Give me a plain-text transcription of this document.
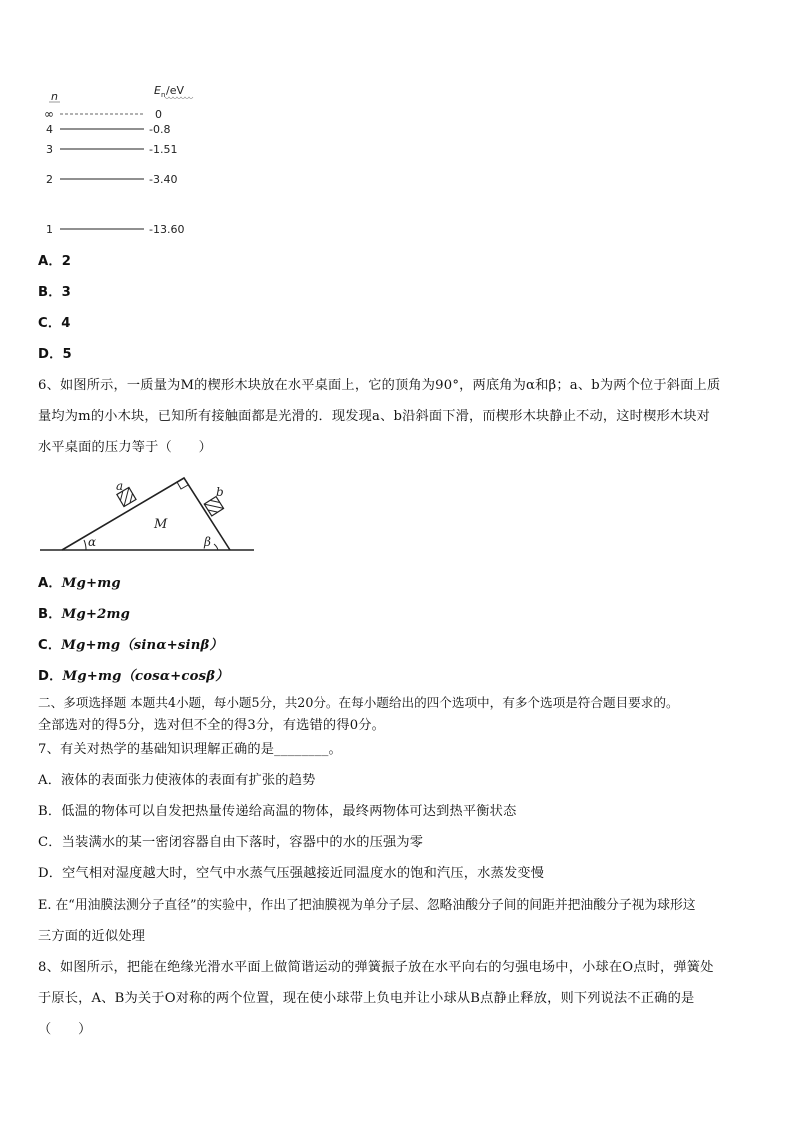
n	E n /eV
∞	0
4	-0.8
3	-1.51
2	-3.40
1	-13.60
A．2
B．3
C．4
D．5
6、如图所示，一质量为M的楔形木块放在水平桌面上，它的顶角为90°，两底角为α和β；a、b为两个位于斜面上质
量均为m的小木块，已知所有接触面都是光滑的．现发现a、b沿斜面下滑，而楔形木块静止不动，这时楔形木块对
水平桌面的压力等于（　　）
a	b
M
α	β
A．Mg+mg
B．Mg+2mg
C．Mg+mg（sinα+sinβ）
D．Mg+mg（cosα+cosβ）
二、多项选择题 本题共4小题，每小题5分，共20分。在每小题给出的四个选项中，有多个选项是符合题目要求的。
全部选对的得5分，选对但不全的得3分，有选错的得0分。
7、有关对热学的基础知识理解正确的是________。
A．液体的表面张力使液体的表面有扩张的趋势
B．低温的物体可以自发把热量传递给高温的物体，最终两物体可达到热平衡状态
C．当装满水的某一密闭容器自由下落时，容器中的水的压强为零
D．空气相对湿度越大时，空气中水蒸气压强越接近同温度水的饱和汽压，水蒸发变慢
E. 在“用油膜法测分子直径”的实验中，作出了把油膜视为单分子层、忽略油酸分子间的间距并把油酸分子视为球形这
三方面的近似处理
8、如图所示，把能在绝缘光滑水平面上做简谐运动的弹簧振子放在水平向右的匀强电场中，小球在O点时，弹簧处
于原长，A、B为关于O对称的两个位置，现在使小球带上负电并让小球从B点静止释放，则下列说法不正确的是
（　　）
